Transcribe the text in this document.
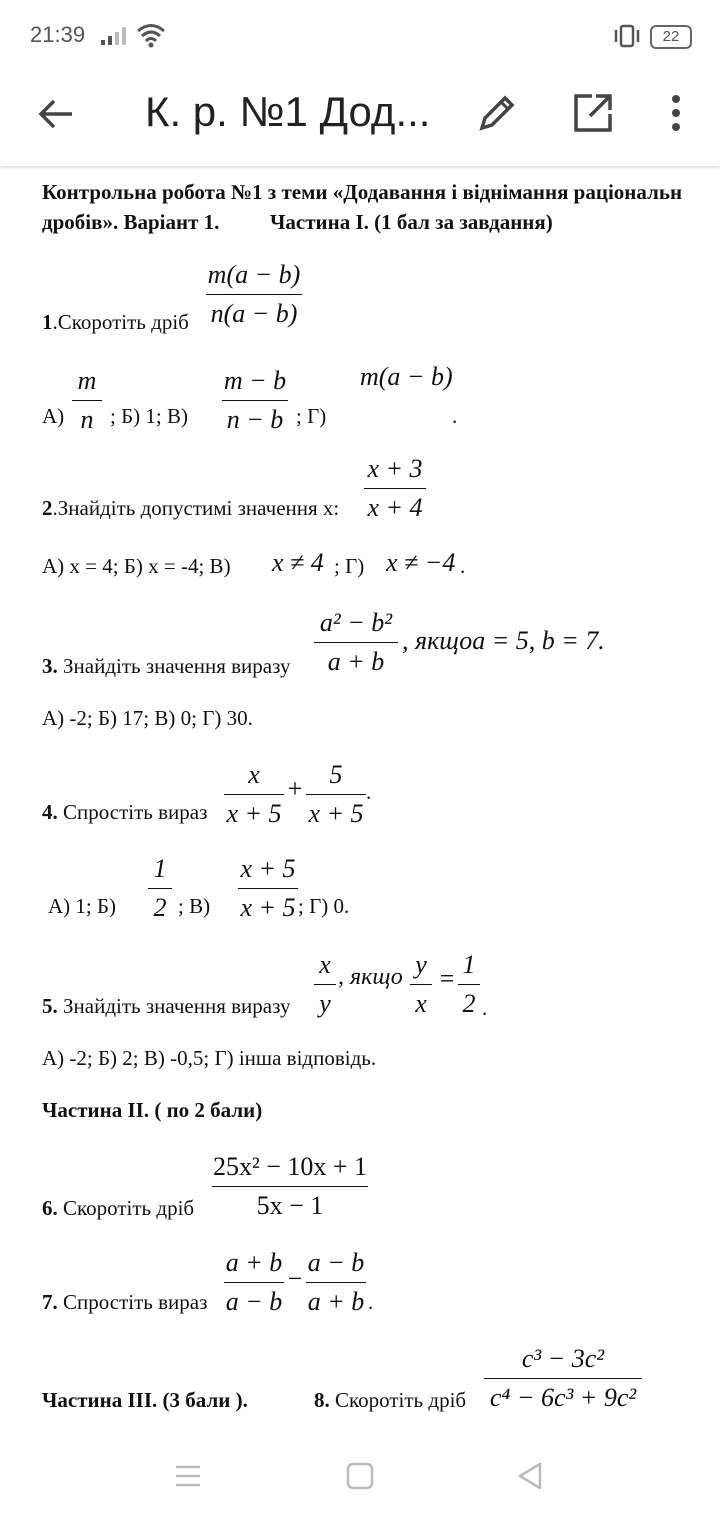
21:39	22
К. р. №1 Дод...
Контрольна робота №1 з теми «Додавання і віднімання раціональн
дробів». Варіант 1. Частина І. (1 бал за завдання)
1.Скоротіть дріб
m(a − b)
n(a − b)
А)
m
n ; Б) 1; В)
m − b
n − b ; Г)
m(a − b)
.
2.Знайдіть допустимі значення х:
x + 3
x + 4
А) х = 4; Б) х = -4; В) x ≠ 4 ; Г) x ≠ −4 .
3. Знайдіть значення виразу
a² − b²
a + b
, якщоa = 5, b = 7.
А) -2; Б) 17; В) 0; Г) 30.
4. Спростіть вираз
x
x + 5
+ 5
x + 5
.
А) 1; Б)
1
2 ; В)
x + 5
x + 5 ; Г) 0.
5. Знайдіть значення виразу
x
y
, якщо y
x
= 1
2 .
А) -2; Б) 2; В) -0,5; Г) інша відповідь.
Частина ІІ. ( по 2 бали)
6. Скоротіть дріб
25x² − 10x + 1
5x − 1
7. Спростіть вираз
a + b
a − b
−
a − b
a + b .
Частина ІІІ. (3 бали ).	8. Скоротіть дріб
c³ − 3c²
c⁴ − 6c³ + 9c²
